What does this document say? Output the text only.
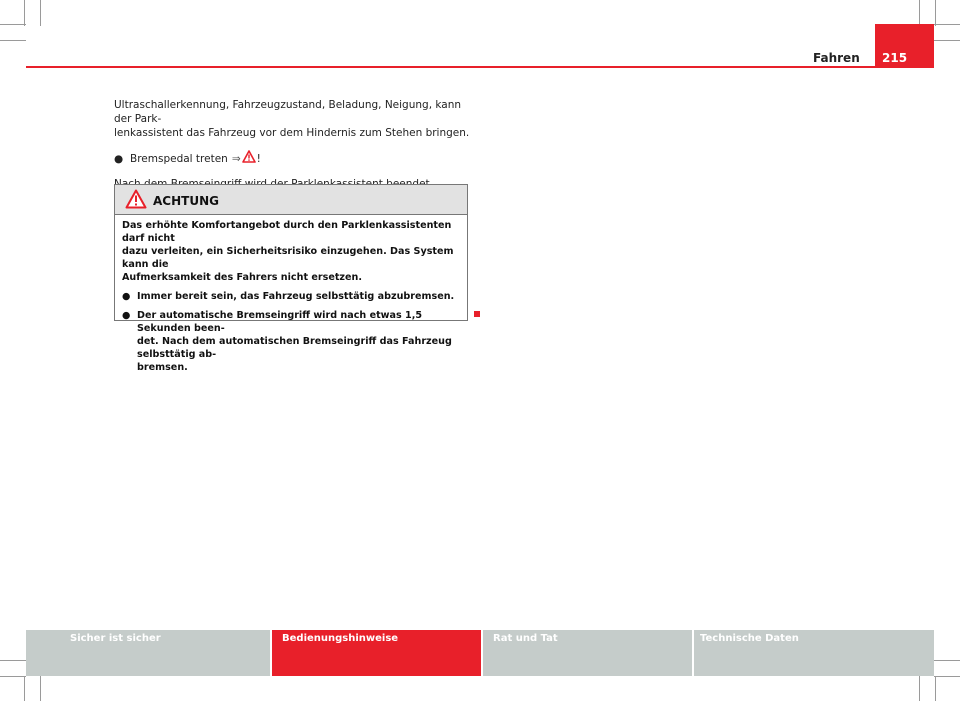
Fahren 215

Ultraschallerkennung, Fahrzeugzustand, Beladung, Neigung, kann der Park-
lenkassistent das Fahrzeug vor dem Hindernis zum Stehen bringen.

● Bremspedal treten ⇒ !

ACHTUNG

Das erhöhte Komfortangebot durch den Parklenkassistenten darf nicht
dazu verleiten, ein Sicherheitsrisiko einzugehen. Das System kann die
Aufmerksamkeit des Fahrers nicht ersetzen.

● Immer bereit sein, das Fahrzeug selbsttätig abzubremsen.
● Der automatische Bremseingriff wird nach etwas 1,5 Sekunden been-
det. Nach dem automatischen Bremseingriff das Fahrzeug selbsttätig ab-
bremsen.
Sicher ist sicher	Bedienungshinweise	Rat und Tat	Technische Daten
